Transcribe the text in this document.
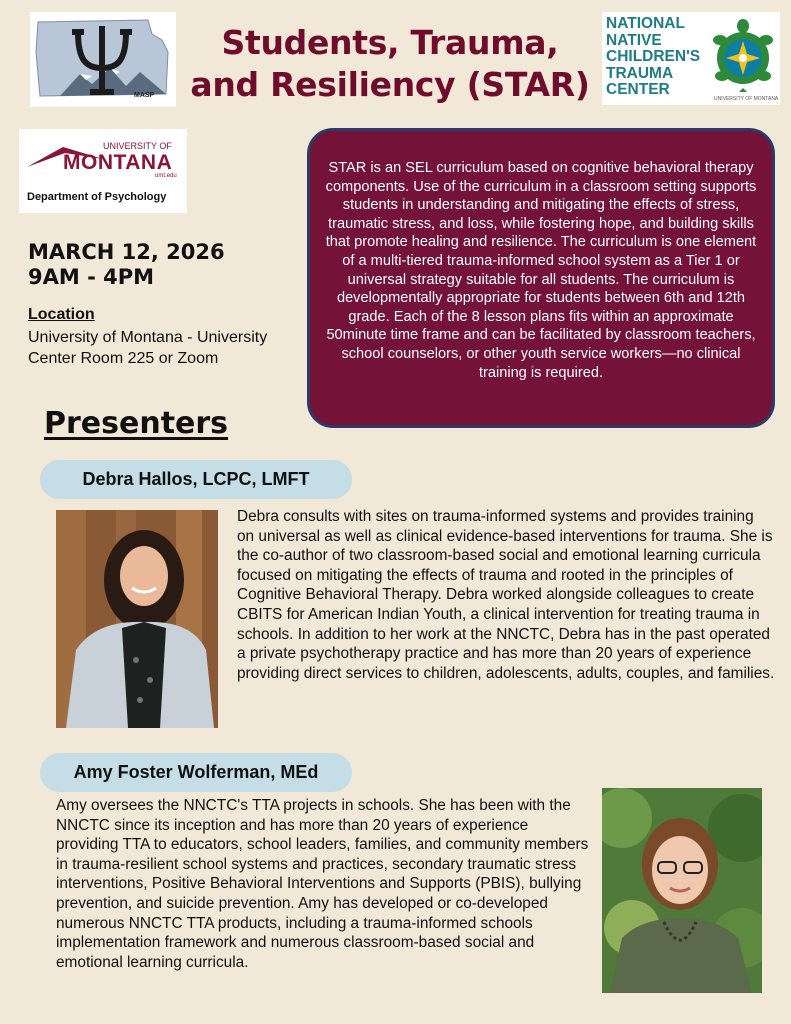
MASP
Students, Trauma,
and Resiliency (STAR)
NATIONAL
NATIVE
CHILDREN'S
TRAUMA
CENTER
UNIVERSITY OF MONTANA
UNIVERSITY OF
MONTANA
umt.edu
Department of Psychology
MARCH 12, 2026
9AM - 4PM
Location
University of Montana - University Center Room 225 or Zoom
STAR is an SEL curriculum based on cognitive behavioral therapy components. Use of the curriculum in a classroom setting supports students in understanding and mitigating the effects of stress, traumatic stress, and loss, while fostering hope, and building skills that promote healing and resilience. The curriculum is one element of a multi-tiered trauma-informed school system as a Tier 1 or universal strategy suitable for all students. The curriculum is developmentally appropriate for students between 6th and 12th grade. Each of the 8 lesson plans fits within an approximate 50minute time frame and can be facilitated by classroom teachers, school counselors, or other youth service workers—no clinical training is required.
Presenters
Debra Hallos, LCPC, LMFT
Debra consults with sites on trauma-informed systems and provides training on universal as well as clinical evidence-based interventions for trauma. She is the co-author of two classroom-based social and emotional learning curricula focused on mitigating the effects of trauma and rooted in the principles of Cognitive Behavioral Therapy. Debra worked alongside colleagues to create CBITS for American Indian Youth, a clinical intervention for treating trauma in schools. In addition to her work at the NNCTC, Debra has in the past operated a private psychotherapy practice and has more than 20 years of experience providing direct services to children, adolescents, adults, couples, and families.
Amy Foster Wolferman, MEd
Amy oversees the NNCTC's TTA projects in schools. She has been with the NNCTC since its inception and has more than 20 years of experience providing TTA to educators, school leaders, families, and community members in trauma-resilient school systems and practices, secondary traumatic stress interventions, Positive Behavioral Interventions and Supports (PBIS), bullying prevention, and suicide prevention. Amy has developed or co-developed numerous NNCTC TTA products, including a trauma-informed schools implementation framework and numerous classroom-based social and emotional learning curricula.
